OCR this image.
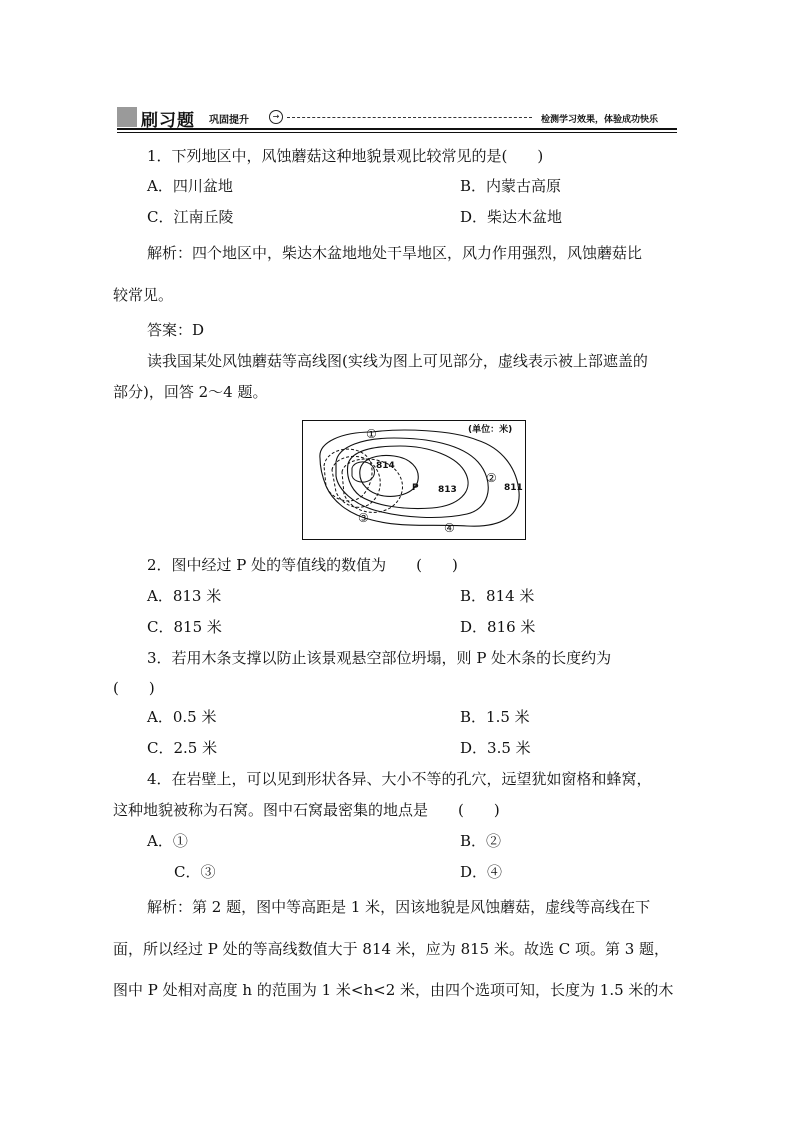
刷习题 巩固提升	→	检测学习效果，体验成功快乐
1．下列地区中，风蚀蘑菇这种地貌景观比较常见的是(　　)
A．四川盆地	B．内蒙古高原
C．江南丘陵	D．柴达木盆地
解析：四个地区中，柴达木盆地地处干旱地区，风力作用强烈，风蚀蘑菇比
较常见。
答案：D
读我国某处风蚀蘑菇等高线图(实线为图上可见部分，虚线表示被上部遮盖的
部分)，回答 2～4 题。
(单位：米)
814
P 813	811
①
②
③
④
2．图中经过 P 处的等值线的数值为　　(　　)
A．813 米	B．814 米
C．815 米	D．816 米
3．若用木条支撑以防止该景观悬空部位坍塌，则 P 处木条的长度约为
(　　)
A．0.5 米	B．1.5 米
C．2.5 米	D．3.5 米
4．在岩壁上，可以见到形状各异、大小不等的孔穴，远望犹如窗格和蜂窝，
这种地貌被称为石窝。图中石窝最密集的地点是　　(　　)
A．①	B．②
C．③	D．④
解析：第 2 题，图中等高距是 1 米，因该地貌是风蚀蘑菇，虚线等高线在下
面，所以经过 P 处的等高线数值大于 814 米，应为 815 米。故选 C 项。第 3 题，
图中 P 处相对高度 h 的范围为 1 米<h<2 米，由四个选项可知，长度为 1.5 米的木
